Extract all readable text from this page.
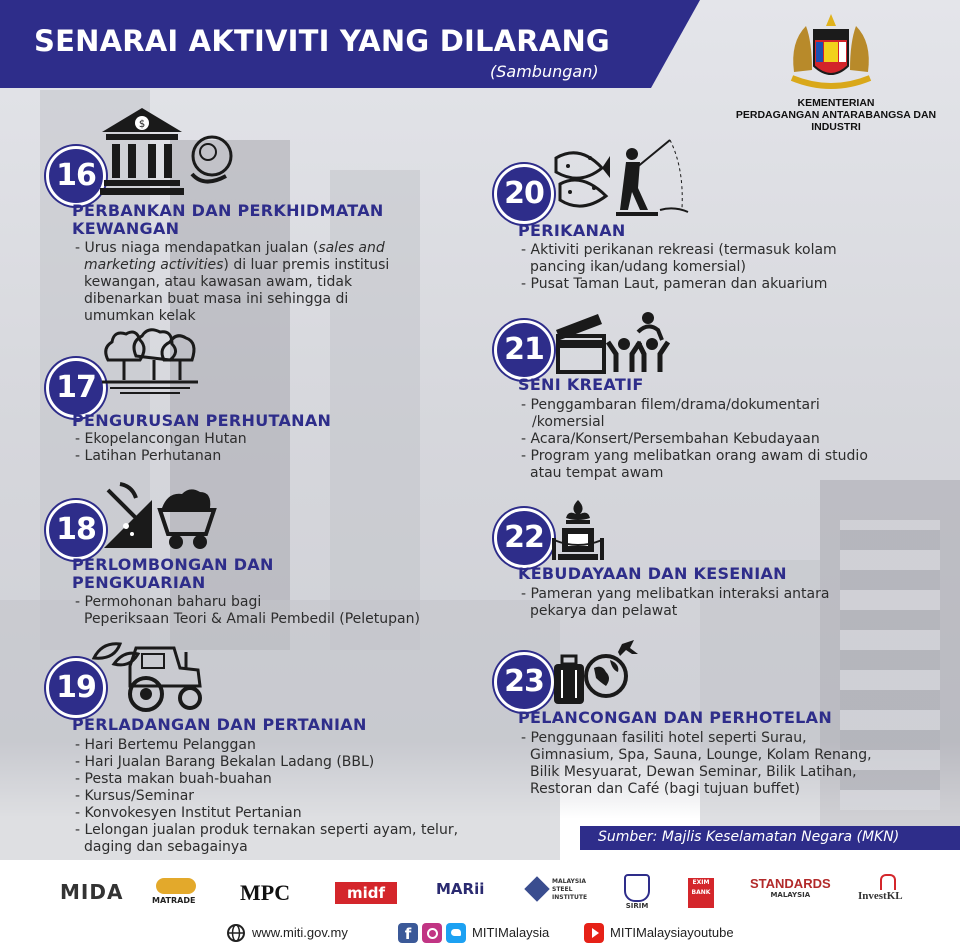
SENARAI AKTIVITI YANG DILARANG
(Sambungan)
KEMENTERIAN
PERDAGANGAN ANTARABANGSA DAN INDUSTRI
16
$
PERBANKAN DAN PERKHIDMATAN
KEWANGAN
- Urus niaga mendapatkan jualan (sales and
marketing activities) di luar premis institusi
kewangan, atau kawasan awam, tidak
dibenarkan buat masa ini sehingga di
umumkan kelak
17
PENGURUSAN PERHUTANAN
- Ekopelancongan Hutan
- Latihan Perhutanan
18
PERLOMBONGAN DAN
PENGKUARIAN
- Permohonan baharu bagi
Peperiksaan Teori & Amali Pembedil (Peletupan)
19
PERLADANGAN DAN PERTANIAN
- Hari Bertemu Pelanggan
- Hari Jualan Barang Bekalan Ladang (BBL)
- Pesta makan buah-buahan
- Kursus/Seminar
- Konvokesyen Institut Pertanian
- Lelongan jualan produk ternakan seperti ayam, telur,
daging dan sebagainya
20
PERIKANAN
- Aktiviti perikanan rekreasi (termasuk kolam
pancing ikan/udang komersial)
- Pusat Taman Laut, pameran dan akuarium
21
SENI KREATIF
- Penggambaran filem/drama/dokumentari
/komersial
- Acara/Konsert/Persembahan Kebudayaan
- Program yang melibatkan orang awam di studio
atau tempat awam
22
KEBUDAYAAN DAN KESENIAN
- Pameran yang melibatkan interaksi antara
pekarya dan pelawat
23
PELANCONGAN DAN PERHOTELAN
- Penggunaan fasiliti hotel seperti Surau,
Gimnasium, Spa, Sauna, Lounge, Kolam Renang,
Bilik Mesyuarat, Dewan Seminar, Bilik Latihan,
Restoran dan Café (bagi tujuan buffet)
Sumber: Majlis Keselamatan Negara (MKN)
MIDA	MATRADE MPC	midf	MARii	MALAYSIA STEEL INSTITUTE
SIRIM
EXIM BANK
STANDARDS
MALAYSIA	InvestKL
www.miti.gov.my	f	MITIMalaysia	MITIMalaysiayoutube
